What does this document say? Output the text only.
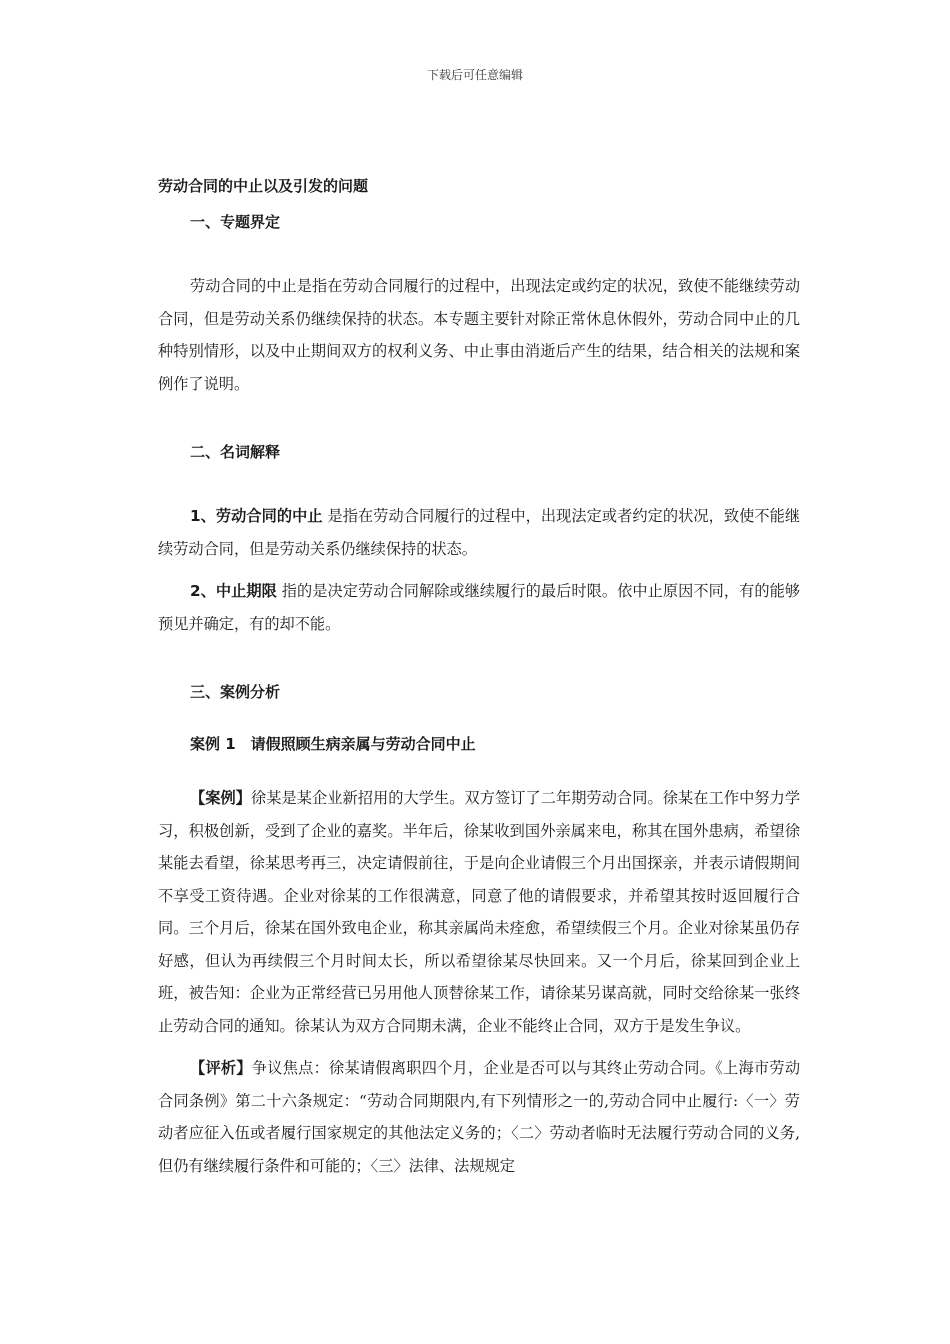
下载后可任意编辑

劳动合同的中止以及引发的问题

一、专题界定

劳动合同的中止是指在劳动合同履行的过程中，出现法定或约定的状况，致使不能继续劳动合同，但是劳动关系仍继续保持的状态。本专题主要针对除正常休息休假外，劳动合同中止的几种特别情形，以及中止期间双方的权利义务、中止事由消逝后产生的结果，结合相关的法规和案例作了说明。

二、名词解释

1、劳动合同的中止 是指在劳动合同履行的过程中，出现法定或者约定的状况，致使不能继续劳动合同，但是劳动关系仍继续保持的状态。

2、中止期限 指的是决定劳动合同解除或继续履行的最后时限。依中止原因不同，有的能够预见并确定，有的却不能。

三、案例分析

案例 1　请假照顾生病亲属与劳动合同中止

【案例】徐某是某企业新招用的大学生。双方签订了二年期劳动合同。徐某在工作中努力学习，积极创新，受到了企业的嘉奖。半年后，徐某收到国外亲属来电，称其在国外患病，希望徐某能去看望，徐某思考再三，决定请假前往，于是向企业请假三个月出国探亲，并表示请假期间不享受工资待遇。企业对徐某的工作很满意，同意了他的请假要求，并希望其按时返回履行合同。三个月后，徐某在国外致电企业，称其亲属尚未痊愈，希望续假三个月。企业对徐某虽仍存好感，但认为再续假三个月时间太长，所以希望徐某尽快回来。又一个月后，徐某回到企业上班，被告知：企业为正常经营已另用他人顶替徐某工作，请徐某另谋高就，同时交给徐某一张终止劳动合同的通知。徐某认为双方合同期未满，企业不能终止合同，双方于是发生争议。

【评析】争议焦点：徐某请假离职四个月，企业是否可以与其终止劳动合同。《上海市劳动合同条例》第二十六条规定：“劳动合同期限内,有下列情形之一的,劳动合同中止履行:〈一〉劳动者应征入伍或者履行国家规定的其他法定义务的；〈二〉劳动者临时无法履行劳动合同的义务,但仍有继续履行条件和可能的；〈三〉法律、法规规定
